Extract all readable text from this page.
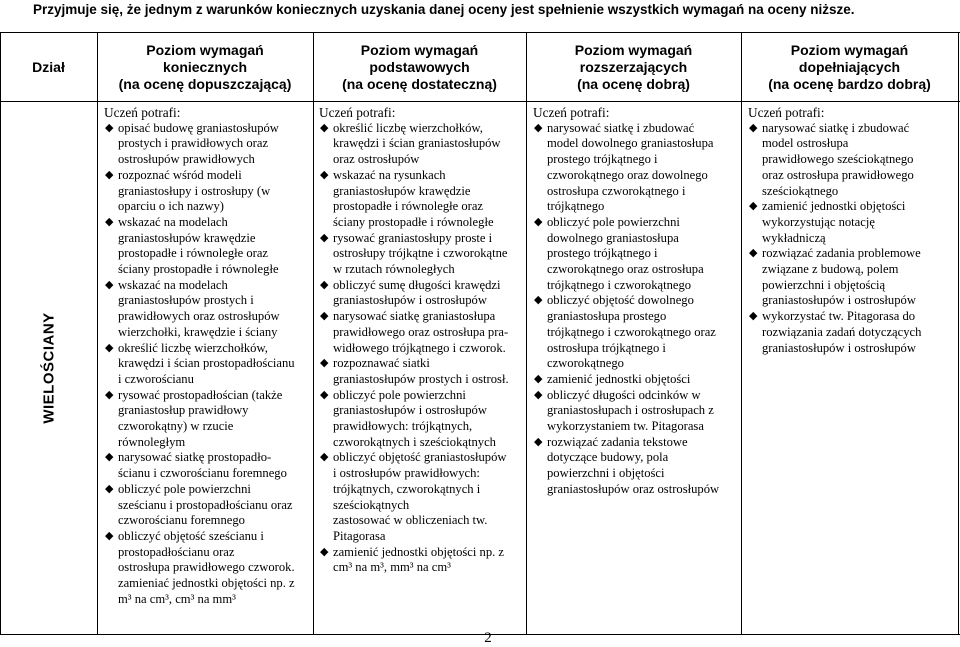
Przyjmuje się, że jednym z warunków koniecznych uzyskania danej oceny jest spełnienie wszystkich wymagań na oceny niższe.
Dział
Poziom wymagań
koniecznych
(na ocenę dopuszczającą)
Poziom wymagań
podstawowych
(na ocenę dostateczną)
Poziom wymagań
rozszerzających
(na ocenę dobrą)
Poziom wymagań
dopełniających
(na ocenę bardzo dobrą)
WIELOŚCIANY
Uczeń potrafi:
◆ opisać budowę graniastosłupów
prostych i prawidłowych oraz
ostrosłupów prawidłowych
◆ rozpoznać wśród modeli
graniastosłupy i ostrosłupy (w
oparciu o ich nazwy)
◆ wskazać na modelach
graniastosłupów krawędzie
prostopadłe i równoległe oraz
ściany prostopadłe i równoległe
◆ wskazać na modelach
graniastosłupów prostych i
prawidłowych oraz ostrosłupów
wierzchołki, krawędzie i ściany
◆ określić liczbę wierzchołków,
krawędzi i ścian prostopadłościanu
i czworościanu
◆ rysować prostopadłościan (także
graniastosłup prawidłowy
czworokątny) w rzucie
równoległym
◆ narysować siatkę prostopadło-
ścianu i czworościanu foremnego
◆ obliczyć pole powierzchni
sześcianu i prostopadłościanu oraz
czworościanu foremnego
◆ obliczyć objętość sześcianu i
prostopadłościanu oraz
ostrosłupa prawidłowego czworok.
zamieniać jednostki objętości np. z
m³ na cm³, cm³ na mm³
Uczeń potrafi:
◆ określić liczbę wierzchołków,
krawędzi i ścian graniastosłupów
oraz ostrosłupów
◆ wskazać na rysunkach
graniastosłupów krawędzie
prostopadłe i równoległe oraz
ściany prostopadłe i równoległe
◆ rysować graniastosłupy proste i
ostrosłupy trójkątne i czworokątne
w rzutach równoległych
◆ obliczyć sumę długości krawędzi
graniastosłupów i ostrosłupów
◆ narysować siatkę graniastosłupa
prawidłowego oraz ostrosłupa pra-
widłowego trójkątnego i czworok.
◆ rozpoznawać siatki
graniastosłupów prostych i ostrosł.
◆ obliczyć pole powierzchni
graniastosłupów i ostrosłupów
prawidłowych: trójkątnych,
czworokątnych i sześciokątnych
◆ obliczyć objętość graniastosłupów
i ostrosłupów prawidłowych:
trójkątnych, czworokątnych i
sześciokątnych
zastosować w obliczeniach tw.
Pitagorasa
◆ zamienić jednostki objętości np. z
cm³ na m³, mm³ na cm³
Uczeń potrafi:
◆ narysować siatkę i zbudować
model dowolnego graniastosłupa
prostego trójkątnego i
czworokątnego oraz dowolnego
ostrosłupa czworokątnego i
trójkątnego
◆ obliczyć pole powierzchni
dowolnego graniastosłupa
prostego trójkątnego i
czworokątnego oraz ostrosłupa
trójkątnego i czworokątnego
◆ obliczyć objętość dowolnego
graniastosłupa prostego
trójkątnego i czworokątnego oraz
ostrosłupa trójkątnego i
czworokątnego
◆ zamienić jednostki objętości
◆ obliczyć długości odcinków w
graniastosłupach i ostrosłupach z
wykorzystaniem tw. Pitagorasa
◆ rozwiązać zadania tekstowe
dotyczące budowy, pola
powierzchni i objętości
graniastosłupów oraz ostrosłupów
Uczeń potrafi:
◆ narysować siatkę i zbudować
model ostrosłupa
prawidłowego sześciokątnego
oraz ostrosłupa prawidłowego
sześciokątnego
◆ zamienić jednostki objętości
wykorzystując notację
wykładniczą
◆ rozwiązać zadania problemowe
związane z budową, polem
powierzchni i objętością
graniastosłupów i ostrosłupów
◆ wykorzystać tw. Pitagorasa do
rozwiązania zadań dotyczących
graniastosłupów i ostrosłupów
2
